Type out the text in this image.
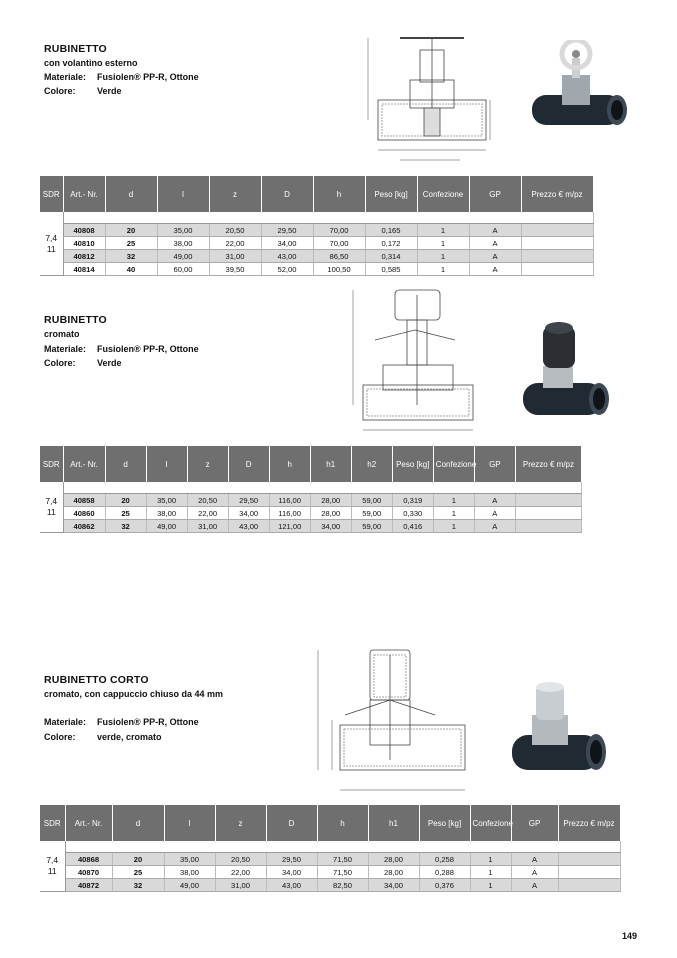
RUBINETTO
con volantino esterno
Materiale: Fusiolen® PP-R, Ottone
Colore: Verde
SDR	Art.- Nr.	d	l	z	D	h	Peso [kg]	Confezione	GP	Prezzo € m/pz
7,4
11										
	40808	20	35,00	20,50	29,50	70,00	0,165	1	A	
	40810	25	38,00	22,00	34,00	70,00	0,172	1	A	
	40812	32	49,00	31,00	43,00	86,50	0,314	1	A	
	40814	40	60,00	39,50	52,00	100,50	0,585	1	A	
RUBINETTO
cromato
Materiale: Fusiolen® PP-R, Ottone
Colore: Verde
SDR	Art.- Nr.	d	l	z	D	h	h1	h2	Peso [kg]	Confezione	GP	Prezzo € m/pz
7,4
11												
	40858	20	35,00	20,50	29,50	116,00	28,00	59,00	0,319	1	A	
	40860	25	38,00	22,00	34,00	116,00	28,00	59,00	0,330	1	A	
	40862	32	49,00	31,00	43,00	121,00	34,00	59,00	0,416	1	A	
RUBINETTO CORTO
cromato, con cappuccio chiuso da 44 mm
Materiale: Fusiolen® PP-R, Ottone
Colore: verde, cromato
SDR	Art.- Nr.	d	l	z	D	h	h1	Peso [kg]	Confezione	GP	Prezzo € m/pz
7,4
11											
	40868	20	35,00	20,50	29,50	71,50	28,00	0,258	1	A	
	40870	25	38,00	22,00	34,00	71,50	28,00	0,288	1	A	
	40872	32	49,00	31,00	43,00	82,50	34,00	0,376	1	A	
149
